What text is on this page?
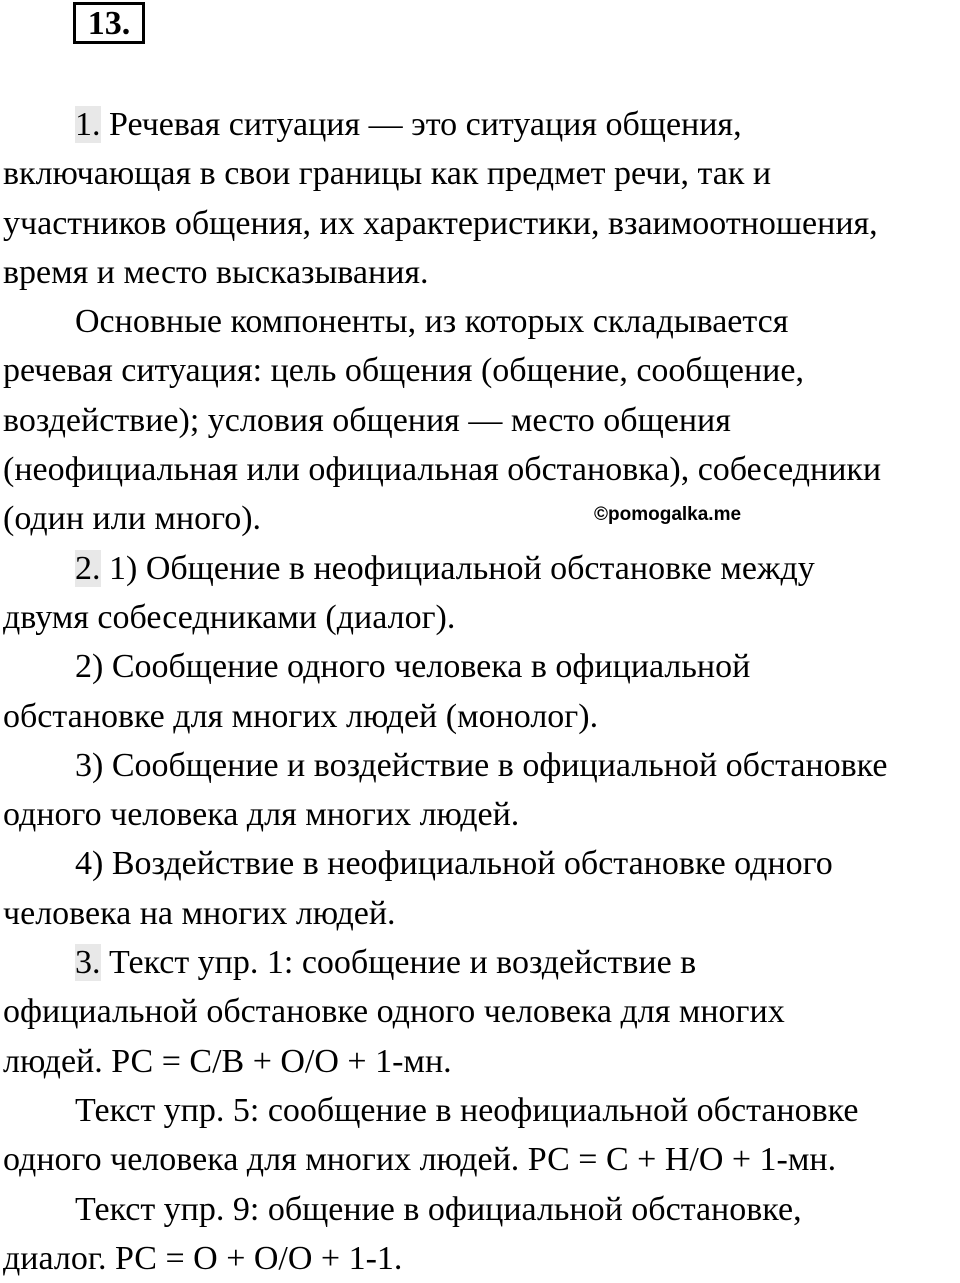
13.

1. Речевая ситуация — это ситуация общения,

включающая в свои границы как предмет речи, так и

участников общения, их характеристики, взаимоотношения,

время и место высказывания.

Основные компоненты, из которых складывается

речевая ситуация: цель общения (общение, сообщение,

воздействие); условия общения — место общения

(неофициальная или официальная обстановка), собеседники

(один или много).

2. 1) Общение в неофициальной обстановке между

двумя собеседниками (диалог).

2) Сообщение одного человека в официальной

обстановке для многих людей (монолог).

3) Сообщение и воздействие в официальной обстановке

одного человека для многих людей.

4) Воздействие в неофициальной обстановке одного

человека на многих людей.

3. Текст упр. 1: сообщение и воздействие в

официальной обстановке одного человека для многих

людей. РС = С/В + О/О + 1-мн.

Текст упр. 5: сообщение в неофициальной обстановке

одного человека для многих людей. РС = С + Н/О + 1-мн.

Текст упр. 9: общение в официальной обстановке,

диалог. РС = О + О/О + 1-1.

©pomogalka.me
